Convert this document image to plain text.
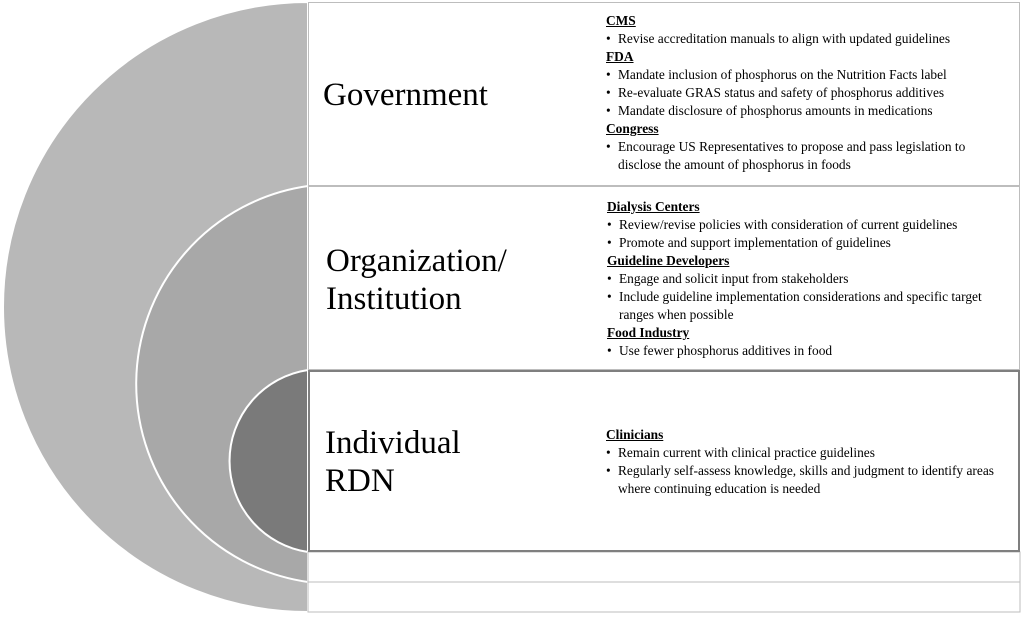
Government
Organization/
Institution
Individual
RDN
CMS
• Revise accreditation manuals to align with updated guidelines
FDA
• Mandate inclusion of phosphorus on the Nutrition Facts label
• Re-evaluate GRAS status and safety of phosphorus additives
• Mandate disclosure of phosphorus amounts in medications
Congress
• Encourage US Representatives to propose and pass legislation to disclose the amount of phosphorus in foods
Dialysis Centers
• Review/revise policies with consideration of current guidelines
• Promote and support implementation of guidelines
Guideline Developers
• Engage and solicit input from stakeholders
• Include guideline implementation considerations and specific target ranges when possible
Food Industry
• Use fewer phosphorus additives in food
Clinicians
• Remain current with clinical practice guidelines
• Regularly self-assess knowledge, skills and judgment to identify areas where continuing education is needed
